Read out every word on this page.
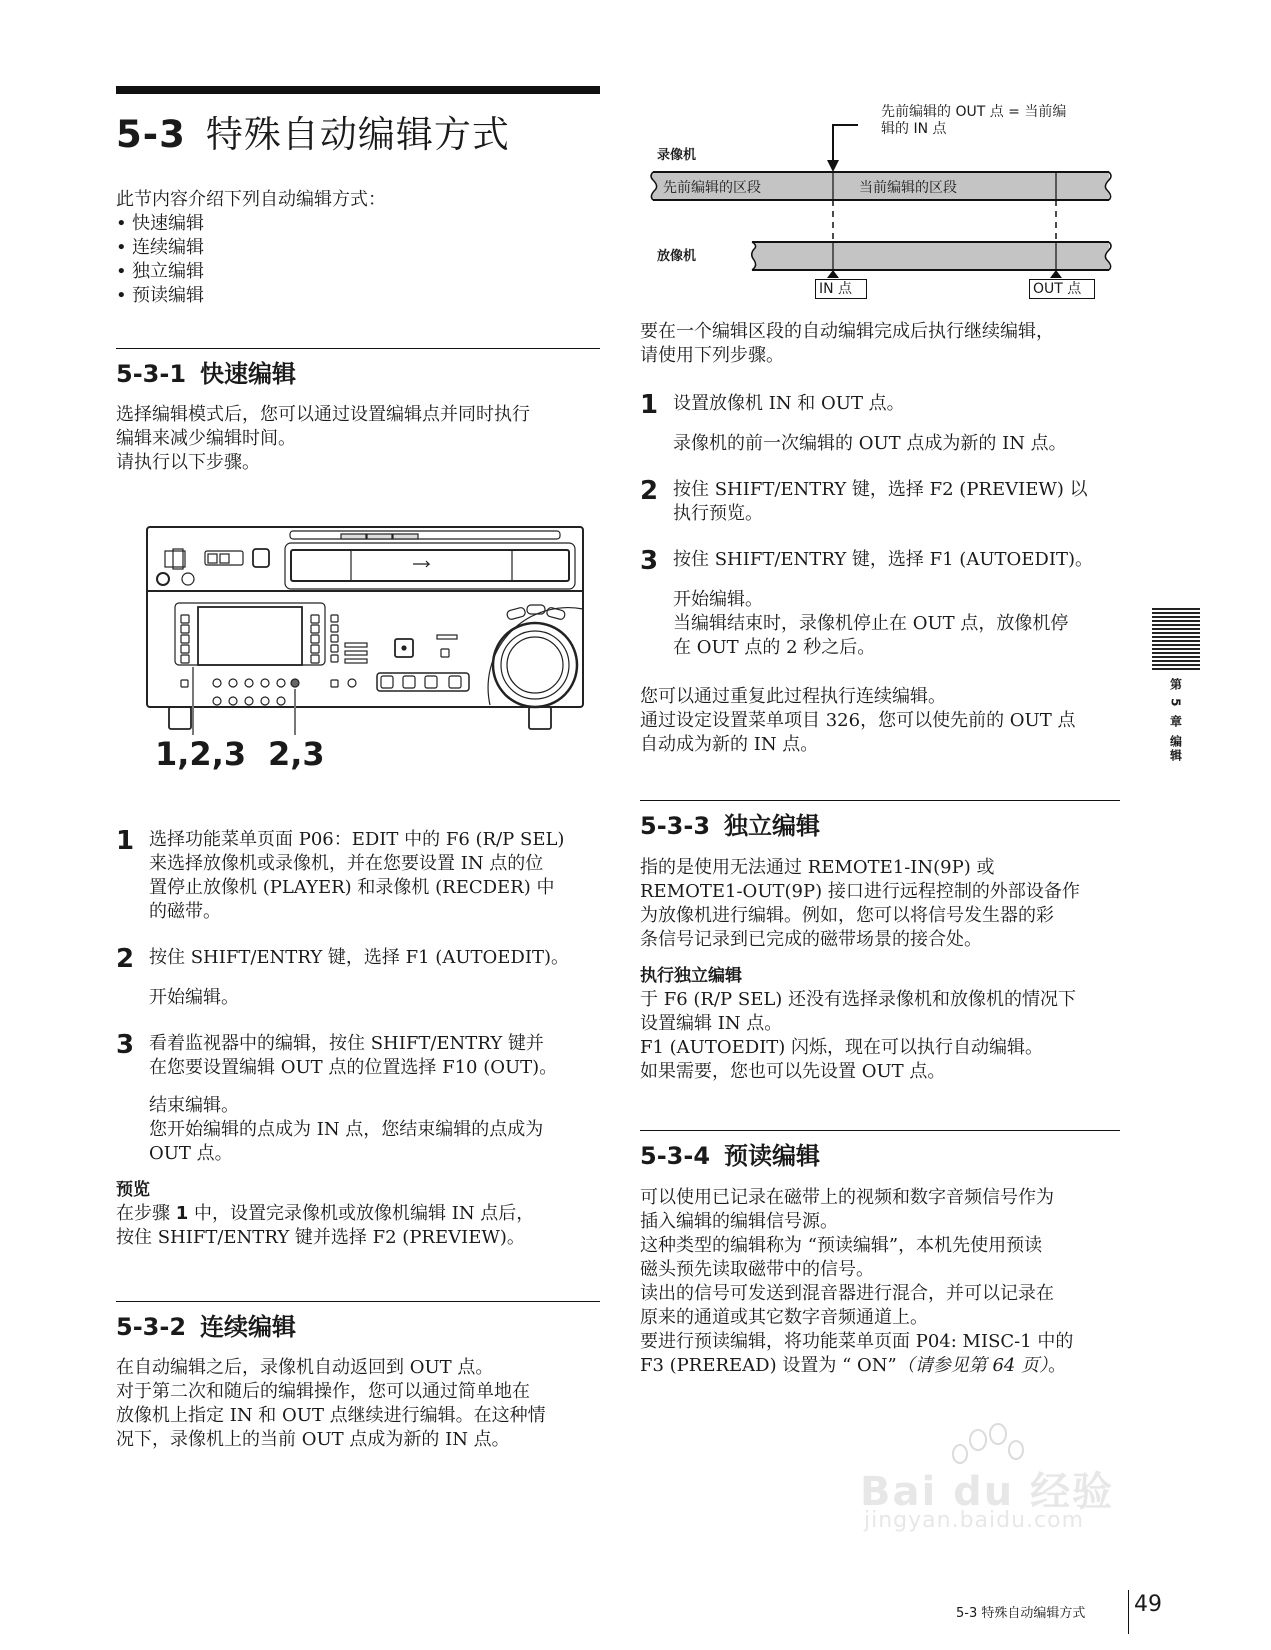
5-3 特殊自动编辑方式
此节内容介绍下列自动编辑方式：
• 快速编辑
• 连续编辑
• 独立编辑
• 预读编辑
5-3-1 快速编辑
选择编辑模式后，您可以通过设置编辑点并同时执行
编辑来减少编辑时间。
请执行以下步骤。
1,2,3 2,3
1 选择功能菜单页面 P06：EDIT 中的 F6 (R/P SEL)
来选择放像机或录像机，并在您要设置 IN 点的位
置停止放像机 (PLAYER) 和录像机 (RECDER) 中
的磁带。
2 按住 SHIFT/ENTRY 键，选择 F1 (AUTOEDIT)。
开始编辑。
3 看着监视器中的编辑，按住 SHIFT/ENTRY 键并
在您要设置编辑 OUT 点的位置选择 F10 (OUT)。
结束编辑。
您开始编辑的点成为 IN 点，您结束编辑的点成为
OUT 点。
预览
在步骤 1 中，设置完录像机或放像机编辑 IN 点后，
按住 SHIFT/ENTRY 键并选择 F2 (PREVIEW)。
5-3-2 连续编辑
在自动编辑之后，录像机自动返回到 OUT 点。
对于第二次和随后的编辑操作，您可以通过简单地在
放像机上指定 IN 和 OUT 点继续进行编辑。在这种情
况下，录像机上的当前 OUT 点成为新的 IN 点。
先前编辑的 OUT 点 = 当前编
辑的 IN 点
录像机
先前编辑的区段	当前编辑的区段
放像机
IN 点	OUT 点
要在一个编辑区段的自动编辑完成后执行继续编辑，
请使用下列步骤。
1 设置放像机 IN 和 OUT 点。
录像机的前一次编辑的 OUT 点成为新的 IN 点。
2 按住 SHIFT/ENTRY 键，选择 F2 (PREVIEW) 以
执行预览。
3 按住 SHIFT/ENTRY 键，选择 F1 (AUTOEDIT)。
开始编辑。
当编辑结束时，录像机停止在 OUT 点，放像机停
在 OUT 点的 2 秒之后。
您可以通过重复此过程执行连续编辑。
通过设定设置菜单项目 326，您可以使先前的 OUT 点
自动成为新的 IN 点。
5-3-3 独立编辑
指的是使用无法通过 REMOTE1-IN(9P) 或
REMOTE1-OUT(9P) 接口进行远程控制的外部设备作
为放像机进行编辑。例如，您可以将信号发生器的彩
条信号记录到已完成的磁带场景的接合处。
执行独立编辑
于 F6 (R/P SEL) 还没有选择录像机和放像机的情况下
设置编辑 IN 点。
F1 (AUTOEDIT) 闪烁，现在可以执行自动编辑。
如果需要，您也可以先设置 OUT 点。
5-3-4 预读编辑
可以使用已记录在磁带上的视频和数字音频信号作为
插入编辑的编辑信号源。
这种类型的编辑称为 “预读编辑”，本机先使用预读
磁头预先读取磁带中的信号。
读出的信号可发送到混音器进行混合，并可以记录在
原来的通道或其它数字音频通道上。
要进行预读编辑，将功能菜单页面 P04: MISC-1 中的
F3 (PREREAD) 设置为 “ ON”（请参见第 64 页）。
第 5 章 编辑
Bai du 经验
jingyan.baidu.com
5-3 特殊自动编辑方式 49
